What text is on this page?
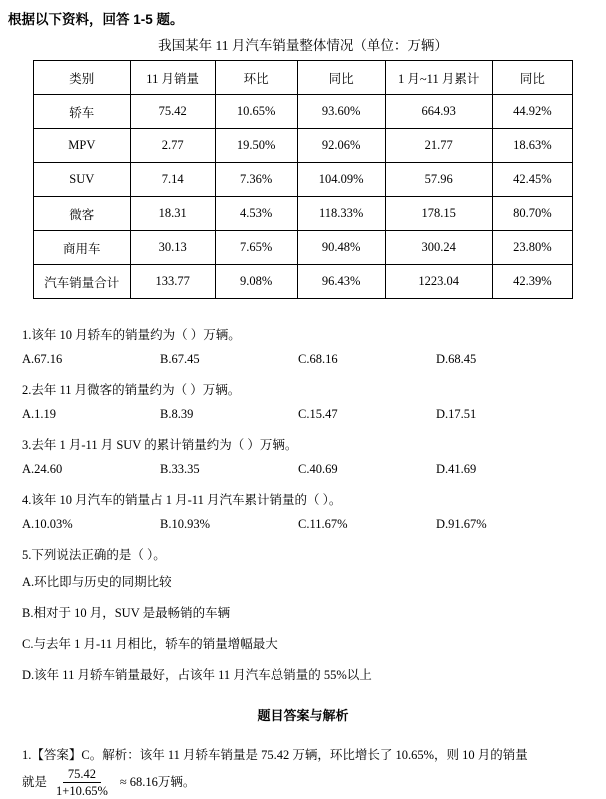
根据以下资料，回答 1-5 题。
我国某年 11 月汽车销量整体情况（单位：万辆）
类别	11 月销量	环比	同比	1 月~11 月累计	同比
轿车	75.42	10.65%	93.60%	664.93	44.92%
MPV	2.77	19.50%	92.06%	21.77	18.63%
SUV	7.14	7.36%	104.09%	57.96	42.45%
微客	18.31	4.53%	118.33%	178.15	80.70%
商用车	30.13	7.65%	90.48%	300.24	23.80%
汽车销量合计	133.77	9.08%	96.43%	1223.04	42.39%
1.该年 10 月轿车的销量约为（ ）万辆。
A.67.16	B.67.45	C.68.16	D.68.45
2.去年 11 月微客的销量约为（ ）万辆。
A.1.19	B.8.39	C.15.47	D.17.51
3.去年 1 月-11 月 SUV 的累计销量约为（ ）万辆。
A.24.60	B.33.35	C.40.69	D.41.69
4.该年 10 月汽车的销量占 1 月-11 月汽车累计销量的（ ）。
A.10.03%	B.10.93%	C.11.67%	D.91.67%
5.下列说法正确的是（ ）。
A.环比即与历史的同期比较
B.相对于 10 月，SUV 是最畅销的车辆
C.与去年 1 月-11 月相比，轿车的销量增幅最大
D.该年 11 月轿车销量最好，占该年 11 月汽车总销量的 55%以上
题目答案与解析
1.【答案】C。解析：该年 11 月轿车销量是 75.42 万辆，环比增长了 10.65%，则 10 月的销量
就是 $\frac{75.42}{1+10.65\%} \approx 68.16$万辆。
